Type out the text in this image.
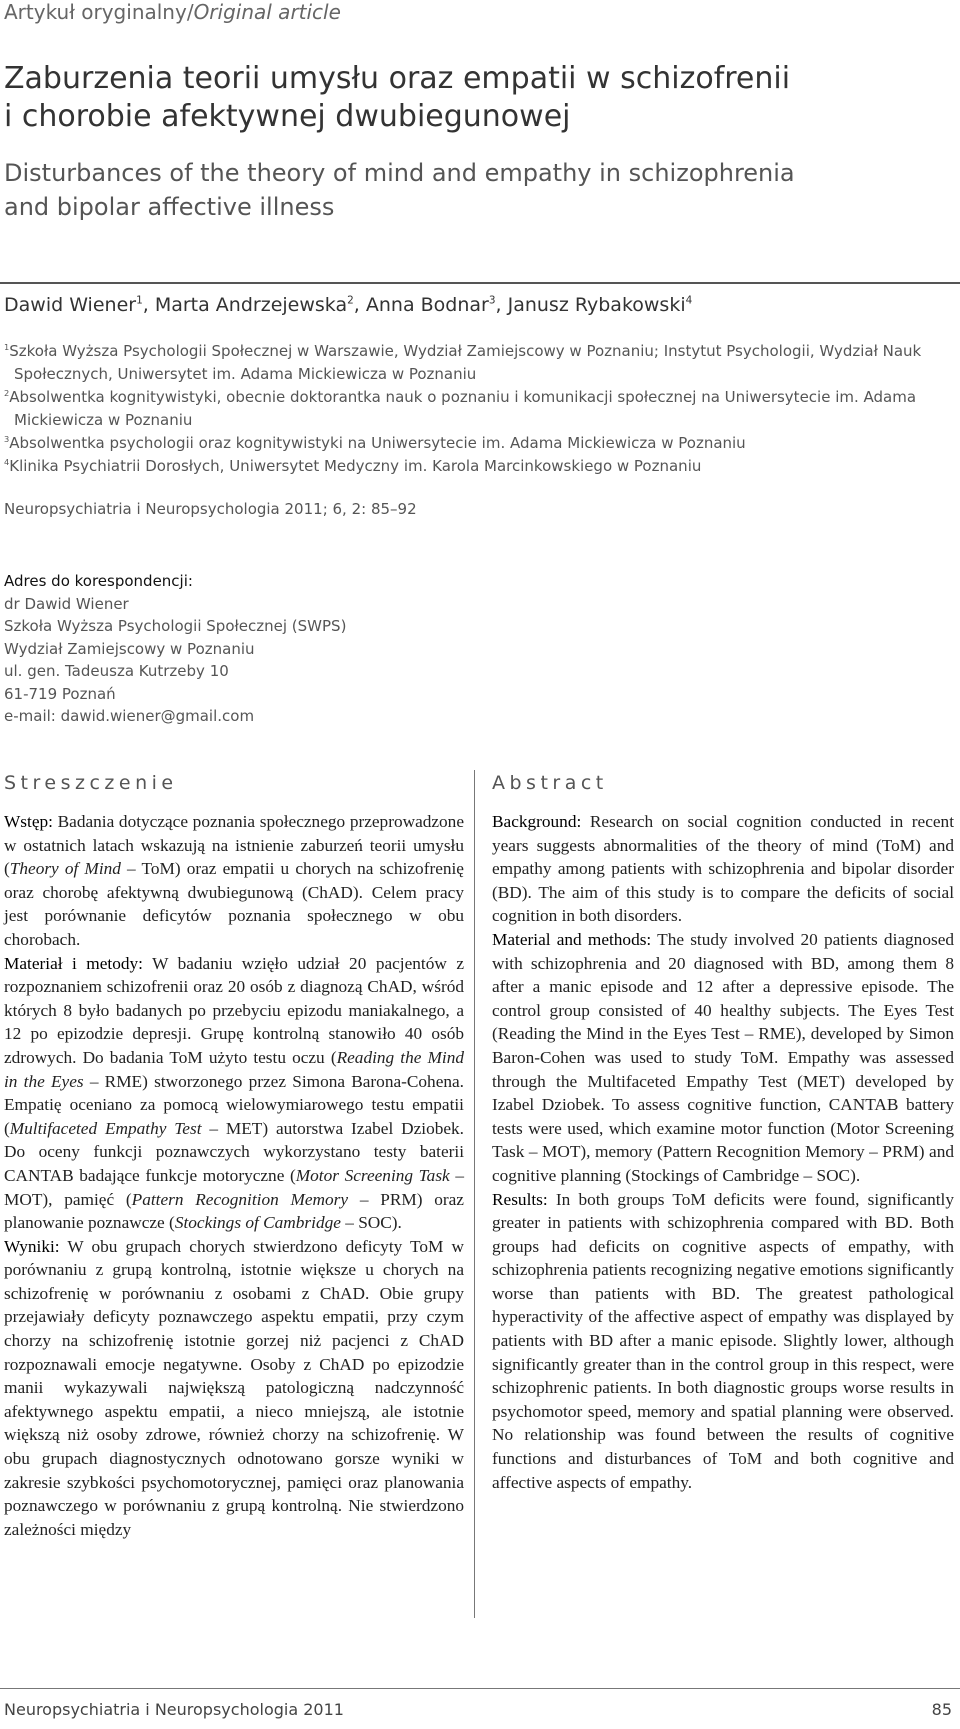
Artykuł oryginalny/Original article
Zaburzenia teorii umysłu oraz empatii w schizofrenii
i chorobie afektywnej dwubiegunowej
Disturbances of the theory of mind and empathy in schizophrenia
and bipolar affective illness
Dawid Wiener$^1$, Marta Andrzejewska$^2$, Anna Bodnar$^3$, Janusz Rybakowski$^4$
$^1$Szkoła Wyższa Psychologii Społecznej w Warszawie, Wydział Zamiejscowy w Poznaniu; Instytut Psychologii, Wydział Nauk
Społecznych, Uniwersytet im. Adama Mickiewicza w Poznaniu
$^2$Absolwentka kognitywistyki, obecnie doktorantka nauk o poznaniu i komunikacji społecznej na Uniwersytecie im. Adama
Mickiewicza w Poznaniu
$^3$Absolwentka psychologii oraz kognitywistyki na Uniwersytecie im. Adama Mickiewicza w Poznaniu
$^4$Klinika Psychiatrii Dorosłych, Uniwersytet Medyczny im. Karola Marcinkowskiego w Poznaniu
Neuropsychiatria i Neuropsychologia 2011; 6, 2: 85–92
Adres do korespondencji:
dr Dawid Wiener
Szkoła Wyższa Psychologii Społecznej (SWPS)
Wydział Zamiejscowy w Poznaniu
ul. gen. Tadeusza Kutrzeby 10
61-719 Poznań
e-mail: dawid.wiener@gmail.com
Streszczenie	Abstract

Wstęp: Badania dotyczące poznania społecznego przeprowadzone w ostatnich latach wskazują na istnienie zaburzeń teorii umysłu (Theory of Mind – ToM) oraz empatii u chorych na schizofrenię oraz chorobę afektywną dwubiegunową (ChAD). Celem pracy jest porównanie deficytów poznania społecznego w obu chorobach.

Materiał i metody: W badaniu wzięło udział 20 pacjentów z rozpoznaniem schizofrenii oraz 20 osób z diagnozą ChAD, wśród których 8 było badanych po przebyciu epizodu maniakalnego, a 12 po epizodzie depresji. Grupę kontrolną stanowiło 40 osób zdrowych. Do badania ToM użyto testu oczu (Reading the Mind in the Eyes – RME) stworzonego przez Simona Barona-Cohena. Empatię oceniano za pomocą wielowymiarowego testu empatii (Multifaceted Empathy Test – MET) autorstwa Izabel Dziobek. Do oceny funkcji poznawczych wykorzystano testy baterii CANTAB badające funkcje motoryczne (Motor Screening Task – MOT), pamięć (Pattern Recognition Memory – PRM) oraz planowanie poznawcze (Stockings of Cambridge – SOC).

Wyniki: W obu grupach chorych stwierdzono deficyty ToM w porównaniu z grupą kontrolną, istotnie większe u chorych na schizofrenię w porównaniu z osobami z ChAD. Obie grupy przejawiały deficyty poznawczego aspektu empatii, przy czym chorzy na schizofrenię istotnie gorzej niż pacjenci z ChAD rozpoznawali emocje negatywne. Osoby z ChAD po epizodzie manii wykazywali największą patologiczną nadczynność afektywnego aspektu empatii, a nieco mniejszą, ale istotnie większą niż osoby zdrowe, również chorzy na schizofrenię. W obu grupach diagnostycznych odnotowano gorsze wyniki w zakresie szybkości psychomotorycznej, pamięci oraz planowania poznawczego w porównaniu z grupą kontrolną. Nie stwierdzono zależności między

Background: Research on social cognition conducted in recent years suggests abnormalities of the theory of mind (ToM) and empathy among patients with schizophrenia and bipolar disorder (BD). The aim of this study is to compare the deficits of social cognition in both disorders.

Material and methods: The study involved 20 patients diagnosed with schizophrenia and 20 diagnosed with BD, among them 8 after a manic episode and 12 after a depressive episode. The control group consisted of 40 healthy subjects. The Eyes Test (Reading the Mind in the Eyes Test – RME), developed by Simon Baron-Cohen was used to study ToM. Empathy was assessed through the Multifaceted Empathy Test (MET) developed by Izabel Dziobek. To assess cognitive function, CANTAB battery tests were used, which examine motor function (Motor Screening Task – MOT), memory (Pattern Recognition Memory – PRM) and cognitive planning (Stockings of Cambridge – SOC).

Results: In both groups ToM deficits were found, significantly greater in patients with schizophrenia compared with BD. Both groups had deficits on cognitive aspects of empathy, with schizophrenia patients recognizing negative emotions significantly worse than patients with BD. The greatest pathological hyperactivity of the affective aspect of empathy was displayed by patients with BD after a manic episode. Slightly lower, although significantly greater than in the control group in this respect, were schizophrenic patients. In both diagnostic groups worse results in psychomotor speed, memory and spatial planning were observed. No relationship was found between the results of cognitive functions and disturbances of ToM and both cognitive and affective aspects of empathy.

Neuropsychiatria i Neuropsychologia 2011	85
